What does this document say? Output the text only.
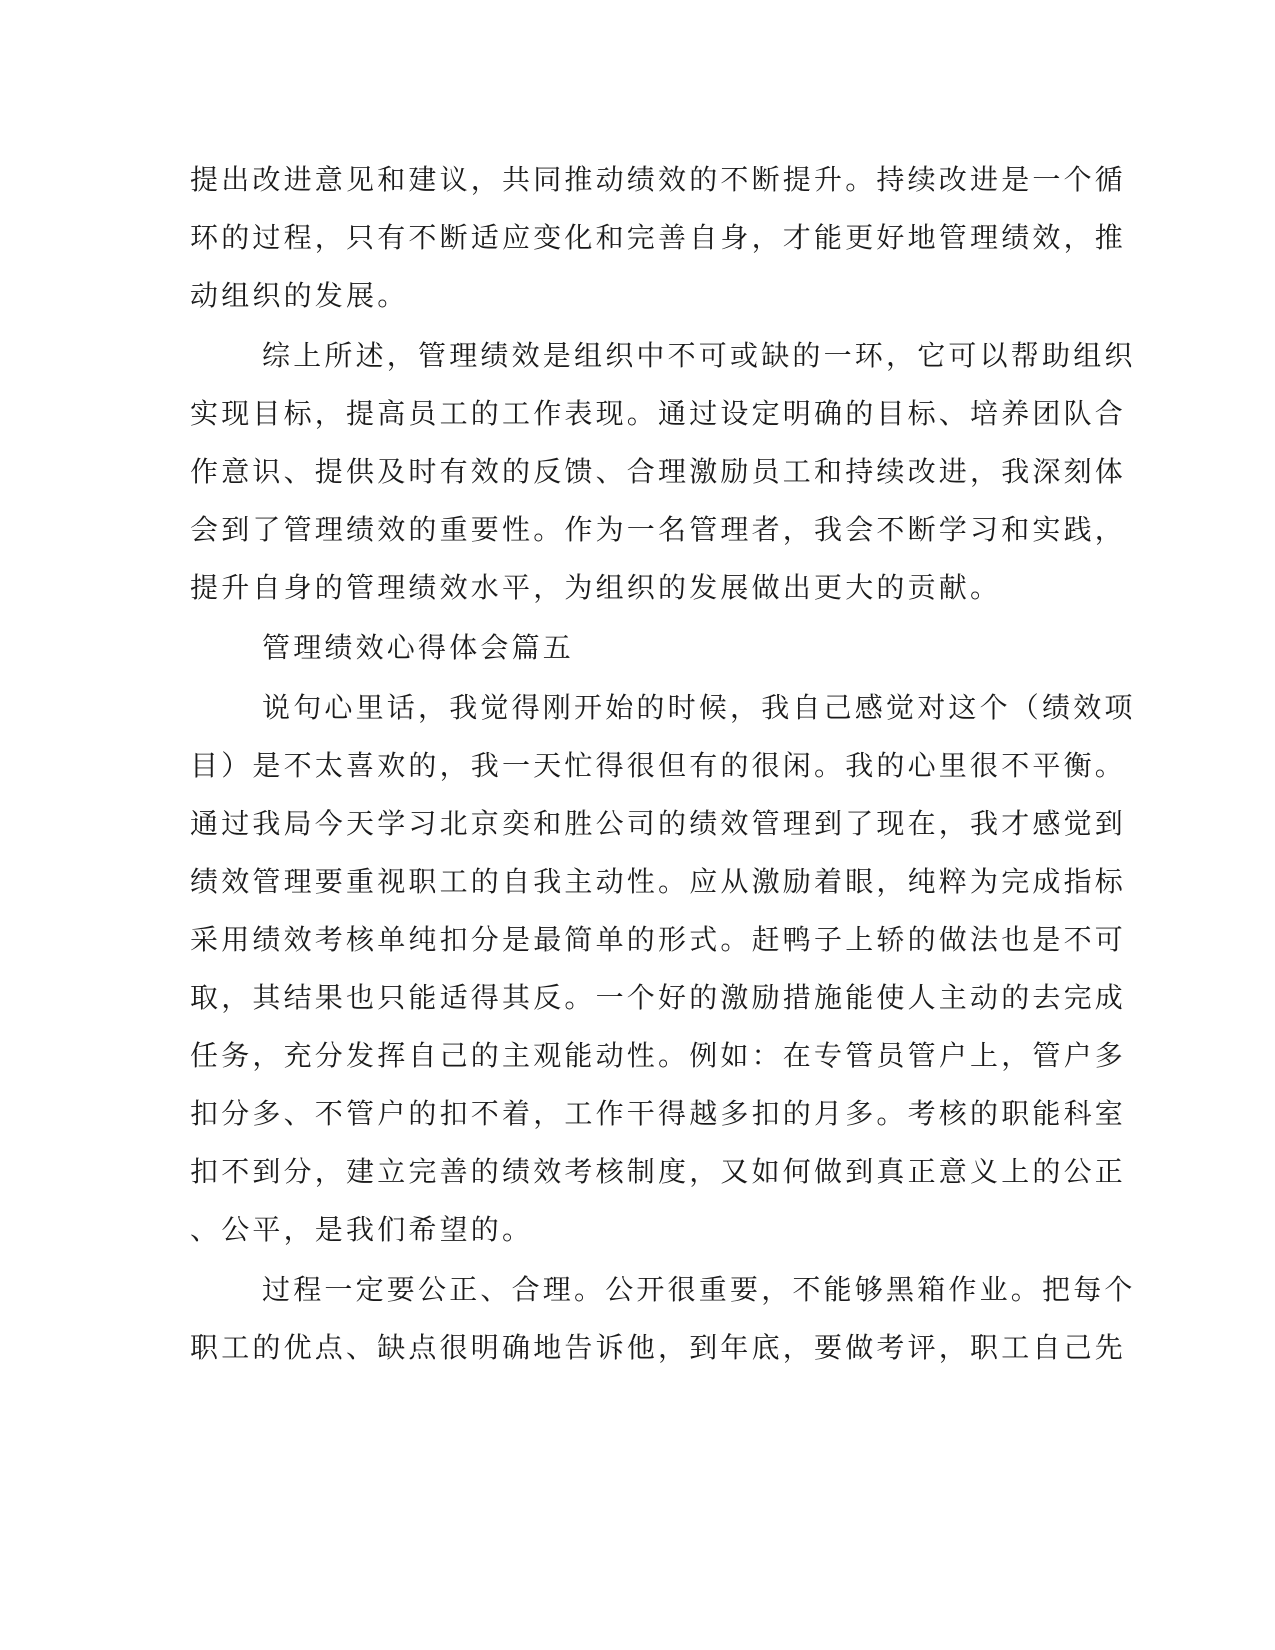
提出改进意见和建议，共同推动绩效的不断提升。持续改进是一个循
环的过程，只有不断适应变化和完善自身，才能更好地管理绩效，推
动组织的发展。
综上所述，管理绩效是组织中不可或缺的一环，它可以帮助组织
实现目标，提高员工的工作表现。通过设定明确的目标、培养团队合
作意识、提供及时有效的反馈、合理激励员工和持续改进，我深刻体
会到了管理绩效的重要性。作为一名管理者，我会不断学习和实践，
提升自身的管理绩效水平，为组织的发展做出更大的贡献。
管理绩效心得体会篇五
说句心里话，我觉得刚开始的时候，我自己感觉对这个（绩效项
目）是不太喜欢的，我一天忙得很但有的很闲。我的心里很不平衡。
通过我局今天学习北京奕和胜公司的绩效管理到了现在，我才感觉到
绩效管理要重视职工的自我主动性。应从激励着眼，纯粹为完成指标
采用绩效考核单纯扣分是最简单的形式。赶鸭子上轿的做法也是不可
取，其结果也只能适得其反。一个好的激励措施能使人主动的去完成
任务，充分发挥自己的主观能动性。例如：在专管员管户上，管户多
扣分多、不管户的扣不着，工作干得越多扣的月多。考核的职能科室
扣不到分，建立完善的绩效考核制度，又如何做到真正意义上的公正
、公平，是我们希望的。
过程一定要公正、合理。公开很重要，不能够黑箱作业。把每个
职工的优点、缺点很明确地告诉他，到年底，要做考评，职工自己先
